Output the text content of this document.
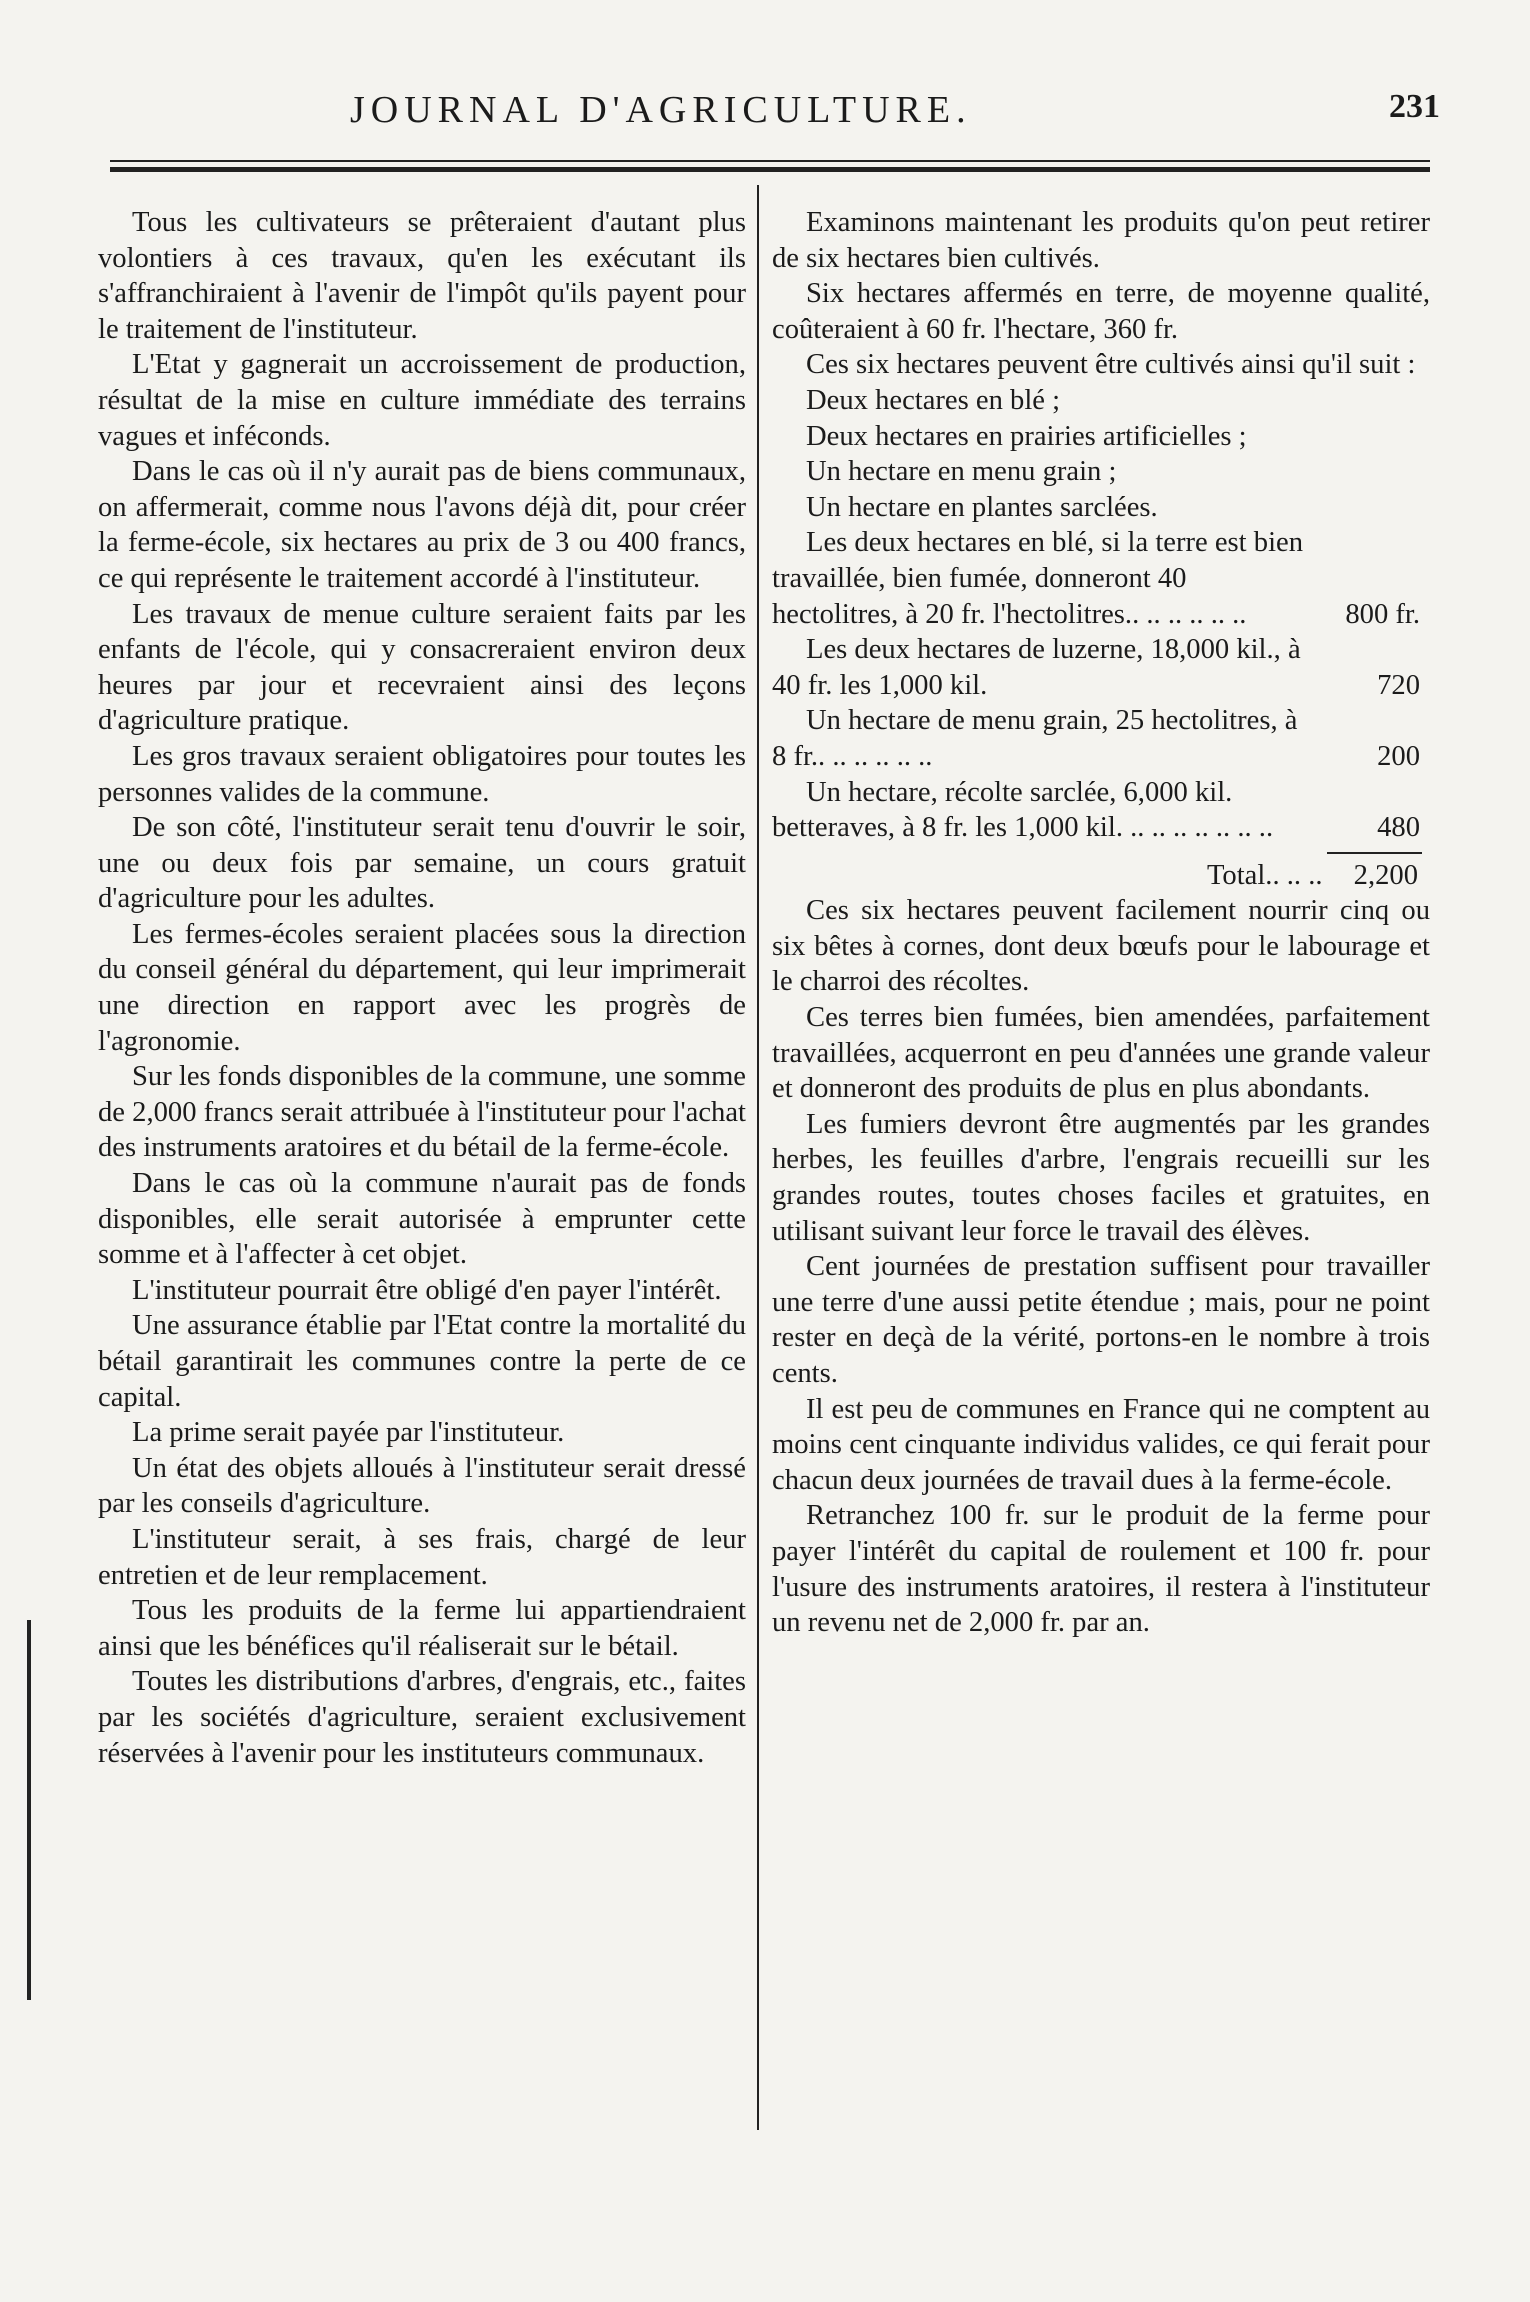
JOURNAL D'AGRICULTURE.	231

Tous les cultivateurs se prêteraient d'autant plus volontiers à ces travaux, qu'en les exécutant ils s'affranchiraient à l'avenir de l'impôt qu'ils payent pour le traitement de l'instituteur.

L'Etat y gagnerait un accroissement de production, résultat de la mise en culture immédiate des terrains vagues et inféconds.

Dans le cas où il n'y aurait pas de biens communaux, on affermerait, comme nous l'avons déjà dit, pour créer la ferme-école, six hectares au prix de 3 ou 400 francs, ce qui représente le traitement accordé à l'instituteur.

Les travaux de menue culture seraient faits par les enfants de l'école, qui y consacreraient environ deux heures par jour et recevraient ainsi des leçons d'agriculture pratique.

Les gros travaux seraient obligatoires pour toutes les personnes valides de la commune.

De son côté, l'instituteur serait tenu d'ouvrir le soir, une ou deux fois par semaine, un cours gratuit d'agriculture pour les adultes.

Les fermes-écoles seraient placées sous la direction du conseil général du département, qui leur imprimerait une direction en rapport avec les progrès de l'agronomie.

Sur les fonds disponibles de la commune, une somme de 2,000 francs serait attribuée à l'instituteur pour l'achat des instruments aratoires et du bétail de la ferme-école.

Dans le cas où la commune n'aurait pas de fonds disponibles, elle serait autorisée à emprunter cette somme et à l'affecter à cet objet.

L'instituteur pourrait être obligé d'en payer l'intérêt.

Une assurance établie par l'Etat contre la mortalité du bétail garantirait les communes contre la perte de ce capital.

La prime serait payée par l'instituteur.

Un état des objets alloués à l'instituteur serait dressé par les conseils d'agriculture.

L'instituteur serait, à ses frais, chargé de leur entretien et de leur remplacement.

Tous les produits de la ferme lui appartiendraient ainsi que les bénéfices qu'il réaliserait sur le bétail.

Toutes les distributions d'arbres, d'engrais, etc., faites par les sociétés d'agriculture, seraient exclusivement réservées à l'avenir pour les instituteurs communaux.

Examinons maintenant les produits qu'on peut retirer de six hectares bien cultivés.

Six hectares affermés en terre, de moyenne qualité, coûteraient à 60 fr. l'hectare, 360 fr.

Ces six hectares peuvent être cultivés ainsi qu'il suit :

Deux hectares en blé ;

Deux hectares en prairies artificielles ;

Un hectare en menu grain ;

Un hectare en plantes sarclées.

Les deux hectares en blé, si la terre est bien travaillée, bien fumée, donneront 40 hectolitres, à 20 fr. l'hectolitres.. .. .. .. .. ..	800 fr.
Les deux hectares de luzerne, 18,000 kil., à 40 fr. les 1,000 kil.	720
Un hectare de menu grain, 25 hectolitres, à 8 fr.. .. .. .. .. ..	200
Un hectare, récolte sarclée, 6,000 kil. betteraves, à 8 fr. les 1,000 kil. .. .. .. .. .. .. ..	480

Total.. .. .. 2,200

Ces six hectares peuvent facilement nourrir cinq ou six bêtes à cornes, dont deux bœufs pour le labourage et le charroi des récoltes.

Ces terres bien fumées, bien amendées, parfaitement travaillées, acquerront en peu d'années une grande valeur et donneront des produits de plus en plus abondants.

Les fumiers devront être augmentés par les grandes herbes, les feuilles d'arbre, l'engrais recueilli sur les grandes routes, toutes choses faciles et gratuites, en utilisant suivant leur force le travail des élèves.

Cent journées de prestation suffisent pour travailler une terre d'une aussi petite étendue ; mais, pour ne point rester en deçà de la vérité, portons-en le nombre à trois cents.

Il est peu de communes en France qui ne comptent au moins cent cinquante individus valides, ce qui ferait pour chacun deux journées de travail dues à la ferme-école.

Retranchez 100 fr. sur le produit de la ferme pour payer l'intérêt du capital de roulement et 100 fr. pour l'usure des instruments aratoires, il restera à l'instituteur un revenu net de 2,000 fr. par an.
